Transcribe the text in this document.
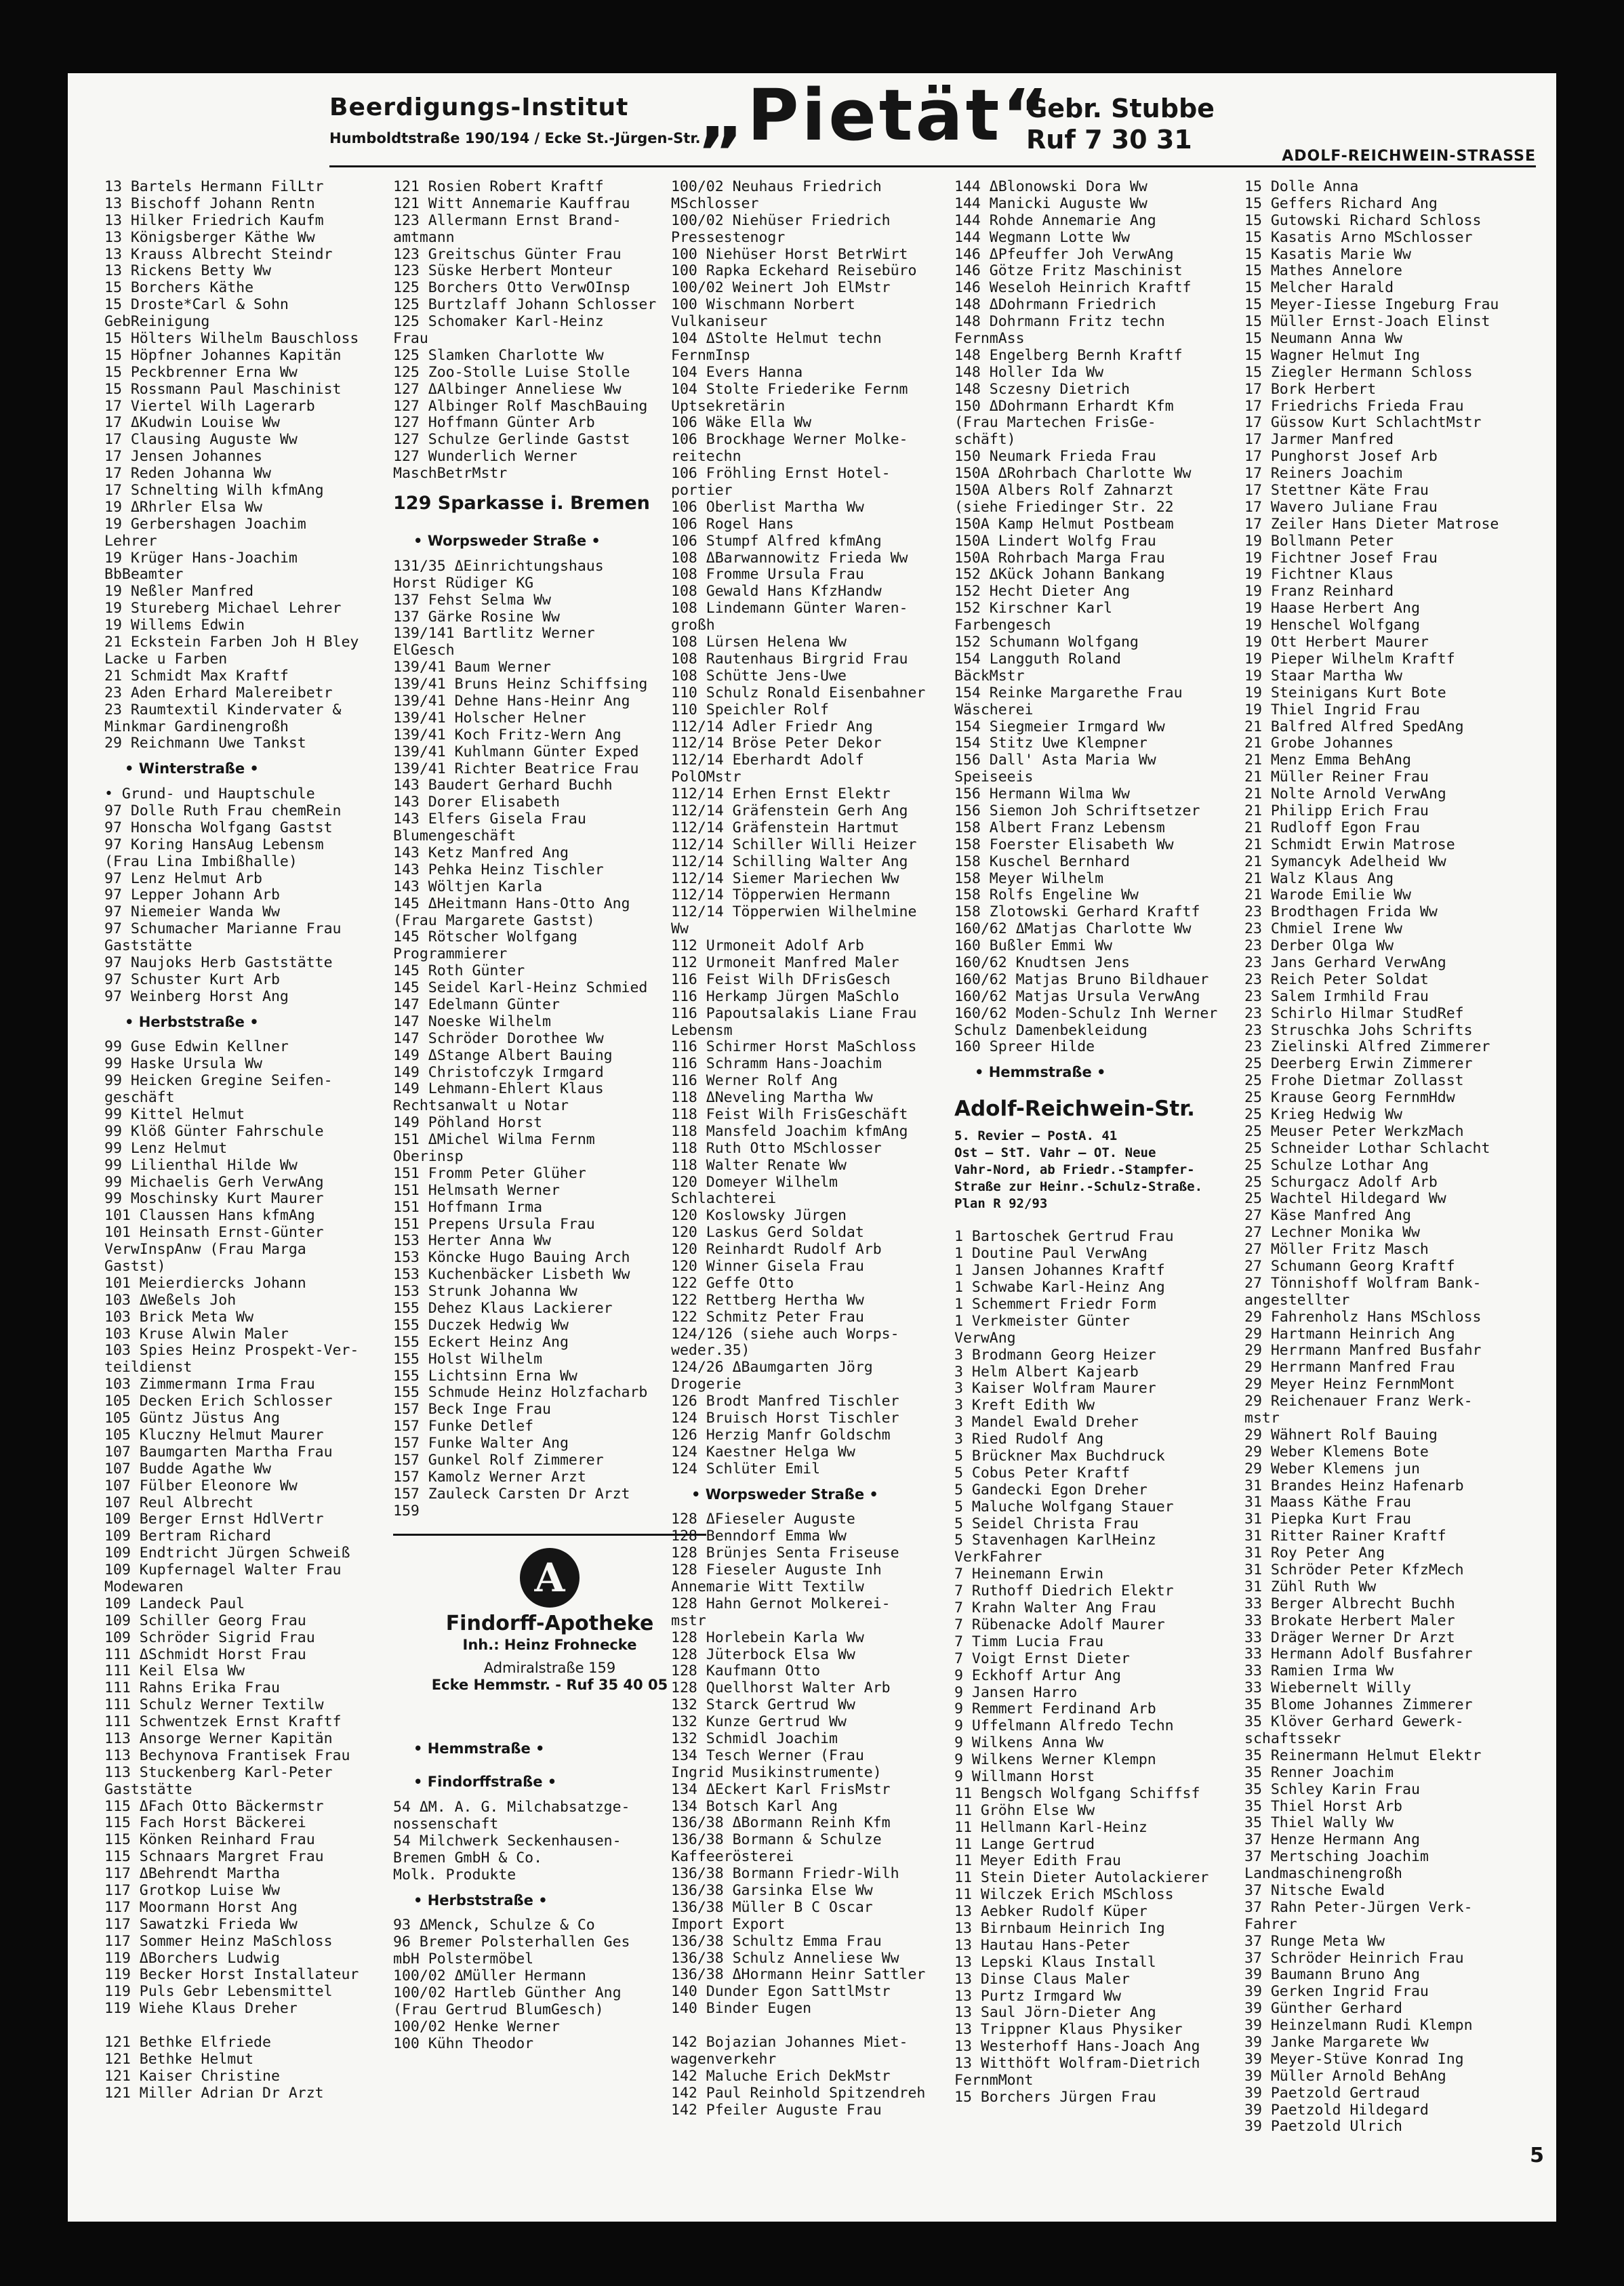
Beerdigungs-Institut
Humboldtstraße 190/194 / Ecke St.-Jürgen-Str.
„Pietät“
Gebr. Stubbe
Ruf 7 30 31
ADOLF-REICHWEIN-STRASSE
13 Bartels Hermann FilLtr
13 Bischoff Johann Rentn
13 Hilker Friedrich Kaufm
13 Königsberger Käthe Ww
13 Krauss Albrecht Steindr
13 Rickens Betty Ww
15 Borchers Käthe
15 Droste*Carl & Sohn
GebReinigung
15 Hölters Wilhelm Bauschloss
15 Höpfner Johannes Kapitän
15 Peckbrenner Erna Ww
15 Rossmann Paul Maschinist
17 Viertel Wilh Lagerarb
17 ΔKudwin Louise Ww
17 Clausing Auguste Ww
17 Jensen Johannes
17 Reden Johanna Ww
17 Schnelting Wilh kfmAng
19 ΔRhrler Elsa Ww
19 Gerbershagen Joachim
Lehrer
19 Krüger Hans-Joachim
BbBeamter
19 Neßler Manfred
19 Stureberg Michael Lehrer
19 Willems Edwin
21 Eckstein Farben Joh H Bley
Lacke u Farben
21 Schmidt Max Kraftf
23 Aden Erhard Malereibetr
23 Raumtextil Kindervater &
Minkmar Gardinengroßh
29 Reichmann Uwe Tankst
• Winterstraße •
• Grund- und Hauptschule
97 Dolle Ruth Frau chemRein
97 Honscha Wolfgang Gastst
97 Koring HansAug Lebensm
(Frau Lina Imbißhalle)
97 Lenz Helmut Arb
97 Lepper Johann Arb
97 Niemeier Wanda Ww
97 Schumacher Marianne Frau
Gaststätte
97 Naujoks Herb Gaststätte
97 Schuster Kurt Arb
97 Weinberg Horst Ang
• Herbststraße •
99 Guse Edwin Kellner
99 Haske Ursula Ww
99 Heicken Gregine Seifen-
geschäft
99 Kittel Helmut
99 Klöß Günter Fahrschule
99 Lenz Helmut
99 Lilienthal Hilde Ww
99 Michaelis Gerh VerwAng
99 Moschinsky Kurt Maurer
101 Claussen Hans kfmAng
101 Heinsath Ernst-Günter
VerwInspAnw (Frau Marga
Gastst)
101 Meierdiercks Johann
103 ΔWeßels Joh
103 Brick Meta Ww
103 Kruse Alwin Maler
103 Spies Heinz Prospekt-Ver-
teildienst
103 Zimmermann Irma Frau
105 Decken Erich Schlosser
105 Güntz Jüstus Ang
105 Kluczny Helmut Maurer
107 Baumgarten Martha Frau
107 Budde Agathe Ww
107 Fülber Eleonore Ww
107 Reul Albrecht
109 Berger Ernst HdlVertr
109 Bertram Richard
109 Endtricht Jürgen Schweiß
109 Kupfernagel Walter Frau
Modewaren
109 Landeck Paul
109 Schiller Georg Frau
109 Schröder Sigrid Frau
111 ΔSchmidt Horst Frau
111 Keil Elsa Ww
111 Rahns Erika Frau
111 Schulz Werner Textilw
111 Schwentzek Ernst Kraftf
113 Ansorge Werner Kapitän
113 Bechynova Frantisek Frau
113 Stuckenberg Karl-Peter
Gaststätte
115 ΔFach Otto Bäckermstr
115 Fach Horst Bäckerei
115 Könken Reinhard Frau
115 Schnaars Margret Frau
117 ΔBehrendt Martha
117 Grotkop Luise Ww
117 Moormann Horst Ang
117 Sawatzki Frieda Ww
117 Sommer Heinz MaSchloss
119 ΔBorchers Ludwig
119 Becker Horst Installateur
119 Puls Gebr Lebensmittel
119 Wiehe Klaus Dreher
121 Bethke Elfriede
121 Bethke Helmut
121 Kaiser Christine
121 Miller Adrian Dr Arzt
121 Rosien Robert Kraftf
121 Witt Annemarie Kauffrau
123 Allermann Ernst Brand-
amtmann
123 Greitschus Günter Frau
123 Süske Herbert Monteur
125 Borchers Otto VerwOInsp
125 Burtzlaff Johann Schlosser
125 Schomaker Karl-Heinz
Frau
125 Slamken Charlotte Ww
125 Zoo-Stolle Luise Stolle
127 ΔAlbinger Anneliese Ww
127 Albinger Rolf MaschBauing
127 Hoffmann Günter Arb
127 Schulze Gerlinde Gastst
127 Wunderlich Werner
MaschBetrMstr
129 Sparkasse i. Bremen
• Worpsweder Straße •
131/35 ΔEinrichtungshaus
Horst Rüdiger KG
137 Fehst Selma Ww
137 Gärke Rosine Ww
139/141 Bartlitz Werner
ElGesch
139/41 Baum Werner
139/41 Bruns Heinz Schiffsing
139/41 Dehne Hans-Heinr Ang
139/41 Holscher Helner
139/41 Koch Fritz-Wern Ang
139/41 Kuhlmann Günter Exped
139/41 Richter Beatrice Frau
143 Baudert Gerhard Buchh
143 Dorer Elisabeth
143 Elfers Gisela Frau
Blumengeschäft
143 Ketz Manfred Ang
143 Pehka Heinz Tischler
143 Wöltjen Karla
145 ΔHeitmann Hans-Otto Ang
(Frau Margarete Gastst)
145 Rötscher Wolfgang
Programmierer
145 Roth Günter
145 Seidel Karl-Heinz Schmied
147 Edelmann Günter
147 Noeske Wilhelm
147 Schröder Dorothee Ww
149 ΔStange Albert Bauing
149 Christofczyk Irmgard
149 Lehmann-Ehlert Klaus
Rechtsanwalt u Notar
149 Pöhland Horst
151 ΔMichel Wilma Fernm
Oberinsp
151 Fromm Peter Glüher
151 Helmsath Werner
151 Hoffmann Irma
151 Prepens Ursula Frau
153 Herter Anna Ww
153 Köncke Hugo Bauing Arch
153 Kuchenbäcker Lisbeth Ww
153 Strunk Johanna Ww
155 Dehez Klaus Lackierer
155 Duczek Hedwig Ww
155 Eckert Heinz Ang
155 Holst Wilhelm
155 Lichtsinn Erna Ww
155 Schmude Heinz Holzfacharb
157 Beck Inge Frau
157 Funke Detlef
157 Funke Walter Ang
157 Gunkel Rolf Zimmerer
157 Kamolz Werner Arzt
157 Zauleck Carsten Dr Arzt
159
A
Findorff-Apotheke
Inh.: Heinz Frohnecke
Admiralstraße 159
Ecke Hemmstr. - Ruf 35 40 05
• Hemmstraße •
• Findorffstraße •
54 ΔM. A. G. Milchabsatzge-
nossenschaft
54 Milchwerk Seckenhausen-
Bremen GmbH & Co.
Molk. Produkte
• Herbststraße •
93 ΔMenck, Schulze & Co
96 Bremer Polsterhallen Ges
mbH Polstermöbel
100/02 ΔMüller Hermann
100/02 Hartleb Günther Ang
(Frau Gertrud BlumGesch)
100/02 Henke Werner
100 Kühn Theodor
100/02 Neuhaus Friedrich
MSchlosser
100/02 Niehüser Friedrich
Pressestenogr
100 Niehüser Horst BetrWirt
100 Rapka Eckehard Reisebüro
100/02 Weinert Joh ElMstr
100 Wischmann Norbert
Vulkaniseur
104 ΔStolte Helmut techn
FernmInsp
104 Evers Hanna
104 Stolte Friederike Fernm
Uptsekretärin
106 Wäke Ella Ww
106 Brockhage Werner Molke-
reitechn
106 Fröhling Ernst Hotel-
portier
106 Oberlist Martha Ww
106 Rogel Hans
106 Stumpf Alfred kfmAng
108 ΔBarwannowitz Frieda Ww
108 Fromme Ursula Frau
108 Gewald Hans KfzHandw
108 Lindemann Günter Waren-
großh
108 Lürsen Helena Ww
108 Rautenhaus Birgrid Frau
108 Schütte Jens-Uwe
110 Schulz Ronald Eisenbahner
110 Speichler Rolf
112/14 Adler Friedr Ang
112/14 Bröse Peter Dekor
112/14 Eberhardt Adolf
PolOMstr
112/14 Erhen Ernst Elektr
112/14 Gräfenstein Gerh Ang
112/14 Gräfenstein Hartmut
112/14 Schiller Willi Heizer
112/14 Schilling Walter Ang
112/14 Siemer Mariechen Ww
112/14 Töpperwien Hermann
112/14 Töpperwien Wilhelmine
Ww
112 Urmoneit Adolf Arb
112 Urmoneit Manfred Maler
116 Feist Wilh DFrisGesch
116 Herkamp Jürgen MaSchlo
116 Papoutsalakis Liane Frau
Lebensm
116 Schirmer Horst MaSchloss
116 Schramm Hans-Joachim
116 Werner Rolf Ang
118 ΔNeveling Martha Ww
118 Feist Wilh FrisGeschäft
118 Mansfeld Joachim kfmAng
118 Ruth Otto MSchlosser
118 Walter Renate Ww
120 Domeyer Wilhelm
Schlachterei
120 Koslowsky Jürgen
120 Laskus Gerd Soldat
120 Reinhardt Rudolf Arb
120 Winner Gisela Frau
122 Geffe Otto
122 Rettberg Hertha Ww
122 Schmitz Peter Frau
124/126 (siehe auch Worps-
weder.35)
124/26 ΔBaumgarten Jörg
Drogerie
126 Brodt Manfred Tischler
124 Bruisch Horst Tischler
126 Herzig Manfr Goldschm
124 Kaestner Helga Ww
124 Schlüter Emil
• Worpsweder Straße •
128 ΔFieseler Auguste
128 Benndorf Emma Ww
128 Brünjes Senta Friseuse
128 Fieseler Auguste Inh
Annemarie Witt Textilw
128 Hahn Gernot Molkerei-
mstr
128 Horlebein Karla Ww
128 Jüterbock Elsa Ww
128 Kaufmann Otto
128 Quellhorst Walter Arb
132 Starck Gertrud Ww
132 Kunze Gertrud Ww
132 Schmidl Joachim
134 Tesch Werner (Frau
Ingrid Musikinstrumente)
134 ΔEckert Karl FrisMstr
134 Botsch Karl Ang
136/38 ΔBormann Reinh Kfm
136/38 Bormann & Schulze
Kaffeerösterei
136/38 Bormann Friedr-Wilh
136/38 Garsinka Else Ww
136/38 Müller B C Oscar
Import Export
136/38 Schultz Emma Frau
136/38 Schulz Anneliese Ww
136/38 ΔHormann Heinr Sattler
140 Dunder Egon SattlMstr
140 Binder Eugen
142 Bojazian Johannes Miet-
wagenverkehr
142 Maluche Erich DekMstr
142 Paul Reinhold Spitzendreh
142 Pfeiler Auguste Frau
144 ΔBlonowski Dora Ww
144 Manicki Auguste Ww
144 Rohde Annemarie Ang
144 Wegmann Lotte Ww
146 ΔPfeuffer Joh VerwAng
146 Götze Fritz Maschinist
146 Weseloh Heinrich Kraftf
148 ΔDohrmann Friedrich
148 Dohrmann Fritz techn
FernmAss
148 Engelberg Bernh Kraftf
148 Holler Ida Ww
148 Sczesny Dietrich
150 ΔDohrmann Erhardt Kfm
(Frau Martechen FrisGe-
schäft)
150 Neumark Frieda Frau
150A ΔRohrbach Charlotte Ww
150A Albers Rolf Zahnarzt
(siehe Friedinger Str. 22
150A Kamp Helmut Postbeam
150A Lindert Wolfg Frau
150A Rohrbach Marga Frau
152 ΔKück Johann Bankang
152 Hecht Dieter Ang
152 Kirschner Karl
Farbengesch
152 Schumann Wolfgang
154 Langguth Roland
BäckMstr
154 Reinke Margarethe Frau
Wäscherei
154 Siegmeier Irmgard Ww
154 Stitz Uwe Klempner
156 Dall' Asta Maria Ww
Speiseeis
156 Hermann Wilma Ww
156 Siemon Joh Schriftsetzer
158 Albert Franz Lebensm
158 Foerster Elisabeth Ww
158 Kuschel Bernhard
158 Meyer Wilhelm
158 Rolfs Engeline Ww
158 Zlotowski Gerhard Kraftf
160/62 ΔMatjas Charlotte Ww
160 Bußler Emmi Ww
160/62 Knudtsen Jens
160/62 Matjas Bruno Bildhauer
160/62 Matjas Ursula VerwAng
160/62 Moden-Schulz Inh Werner
Schulz Damenbekleidung
160 Spreer Hilde
• Hemmstraße •
Adolf-Reichwein-Str.
5. Revier — PostA. 41
Ost — StT. Vahr — OT. Neue
Vahr-Nord, ab Friedr.-Stampfer-
Straße zur Heinr.-Schulz-Straße.
Plan R 92/93
1 Bartoschek Gertrud Frau
1 Doutine Paul VerwAng
1 Jansen Johannes Kraftf
1 Schwabe Karl-Heinz Ang
1 Schemmert Friedr Form
1 Verkmeister Günter
VerwAng
3 Brodmann Georg Heizer
3 Helm Albert Kajearb
3 Kaiser Wolfram Maurer
3 Kreft Edith Ww
3 Mandel Ewald Dreher
3 Ried Rudolf Ang
5 Brückner Max Buchdruck
5 Cobus Peter Kraftf
5 Gandecki Egon Dreher
5 Maluche Wolfgang Stauer
5 Seidel Christa Frau
5 Stavenhagen KarlHeinz
VerkFahrer
7 Heinemann Erwin
7 Ruthoff Diedrich Elektr
7 Krahn Walter Ang Frau
7 Rübenacke Adolf Maurer
7 Timm Lucia Frau
7 Voigt Ernst Dieter
9 Eckhoff Artur Ang
9 Jansen Harro
9 Remmert Ferdinand Arb
9 Uffelmann Alfredo Techn
9 Wilkens Anna Ww
9 Wilkens Werner Klempn
9 Willmann Horst
11 Bengsch Wolfgang Schiffsf
11 Gröhn Else Ww
11 Hellmann Karl-Heinz
11 Lange Gertrud
11 Meyer Edith Frau
11 Stein Dieter Autolackierer
11 Wilczek Erich MSchloss
13 Aebker Rudolf Küper
13 Birnbaum Heinrich Ing
13 Hautau Hans-Peter
13 Lepski Klaus Install
13 Dinse Claus Maler
13 Purtz Irmgard Ww
13 Saul Jörn-Dieter Ang
13 Trippner Klaus Physiker
13 Westerhoff Hans-Joach Ang
13 Witthöft Wolfram-Dietrich
FernmMont
15 Borchers Jürgen Frau
15 Dolle Anna
15 Geffers Richard Ang
15 Gutowski Richard Schloss
15 Kasatis Arno MSchlosser
15 Kasatis Marie Ww
15 Mathes Annelore
15 Melcher Harald
15 Meyer-Iiesse Ingeburg Frau
15 Müller Ernst-Joach Elinst
15 Neumann Anna Ww
15 Wagner Helmut Ing
15 Ziegler Hermann Schloss
17 Bork Herbert
17 Friedrichs Frieda Frau
17 Güssow Kurt SchlachtMstr
17 Jarmer Manfred
17 Punghorst Josef Arb
17 Reiners Joachim
17 Stettner Käte Frau
17 Wavero Juliane Frau
17 Zeiler Hans Dieter Matrose
19 Bollmann Peter
19 Fichtner Josef Frau
19 Fichtner Klaus
19 Franz Reinhard
19 Haase Herbert Ang
19 Henschel Wolfgang
19 Ott Herbert Maurer
19 Pieper Wilhelm Kraftf
19 Staar Martha Ww
19 Steinigans Kurt Bote
19 Thiel Ingrid Frau
21 Balfred Alfred SpedAng
21 Grobe Johannes
21 Menz Emma BehAng
21 Müller Reiner Frau
21 Nolte Arnold VerwAng
21 Philipp Erich Frau
21 Rudloff Egon Frau
21 Schmidt Erwin Matrose
21 Symancyk Adelheid Ww
21 Walz Klaus Ang
21 Warode Emilie Ww
23 Brodthagen Frida Ww
23 Chmiel Irene Ww
23 Derber Olga Ww
23 Jans Gerhard VerwAng
23 Reich Peter Soldat
23 Salem Irmhild Frau
23 Schirlo Hilmar StudRef
23 Struschka Johs Schrifts
23 Zielinski Alfred Zimmerer
25 Deerberg Erwin Zimmerer
25 Frohe Dietmar Zollasst
25 Krause Georg FernmHdw
25 Krieg Hedwig Ww
25 Meuser Peter WerkzMach
25 Schneider Lothar Schlacht
25 Schulze Lothar Ang
25 Schurgacz Adolf Arb
25 Wachtel Hildegard Ww
27 Käse Manfred Ang
27 Lechner Monika Ww
27 Möller Fritz Masch
27 Schumann Georg Kraftf
27 Tönnishoff Wolfram Bank-
angestellter
29 Fahrenholz Hans MSchloss
29 Hartmann Heinrich Ang
29 Herrmann Manfred Busfahr
29 Herrmann Manfred Frau
29 Meyer Heinz FernmMont
29 Reichenauer Franz Werk-
mstr
29 Wähnert Rolf Bauing
29 Weber Klemens Bote
29 Weber Klemens jun
31 Brandes Heinz Hafenarb
31 Maass Käthe Frau
31 Piepka Kurt Frau
31 Ritter Rainer Kraftf
31 Roy Peter Ang
31 Schröder Peter KfzMech
31 Zühl Ruth Ww
33 Berger Albrecht Buchh
33 Brokate Herbert Maler
33 Dräger Werner Dr Arzt
33 Hermann Adolf Busfahrer
33 Ramien Irma Ww
33 Wiebernelt Willy
35 Blome Johannes Zimmerer
35 Klöver Gerhard Gewerk-
schaftssekr
35 Reinermann Helmut Elektr
35 Renner Joachim
35 Schley Karin Frau
35 Thiel Horst Arb
35 Thiel Wally Ww
37 Henze Hermann Ang
37 Mertsching Joachim
Landmaschinengroßh
37 Nitsche Ewald
37 Rahn Peter-Jürgen Verk-
Fahrer
37 Runge Meta Ww
37 Schröder Heinrich Frau
39 Baumann Bruno Ang
39 Gerken Ingrid Frau
39 Günther Gerhard
39 Heinzelmann Rudi Klempn
39 Janke Margarete Ww
39 Meyer-Stüve Konrad Ing
39 Müller Arnold BehAng
39 Paetzold Gertraud
39 Paetzold Hildegard
39 Paetzold Ulrich
5
